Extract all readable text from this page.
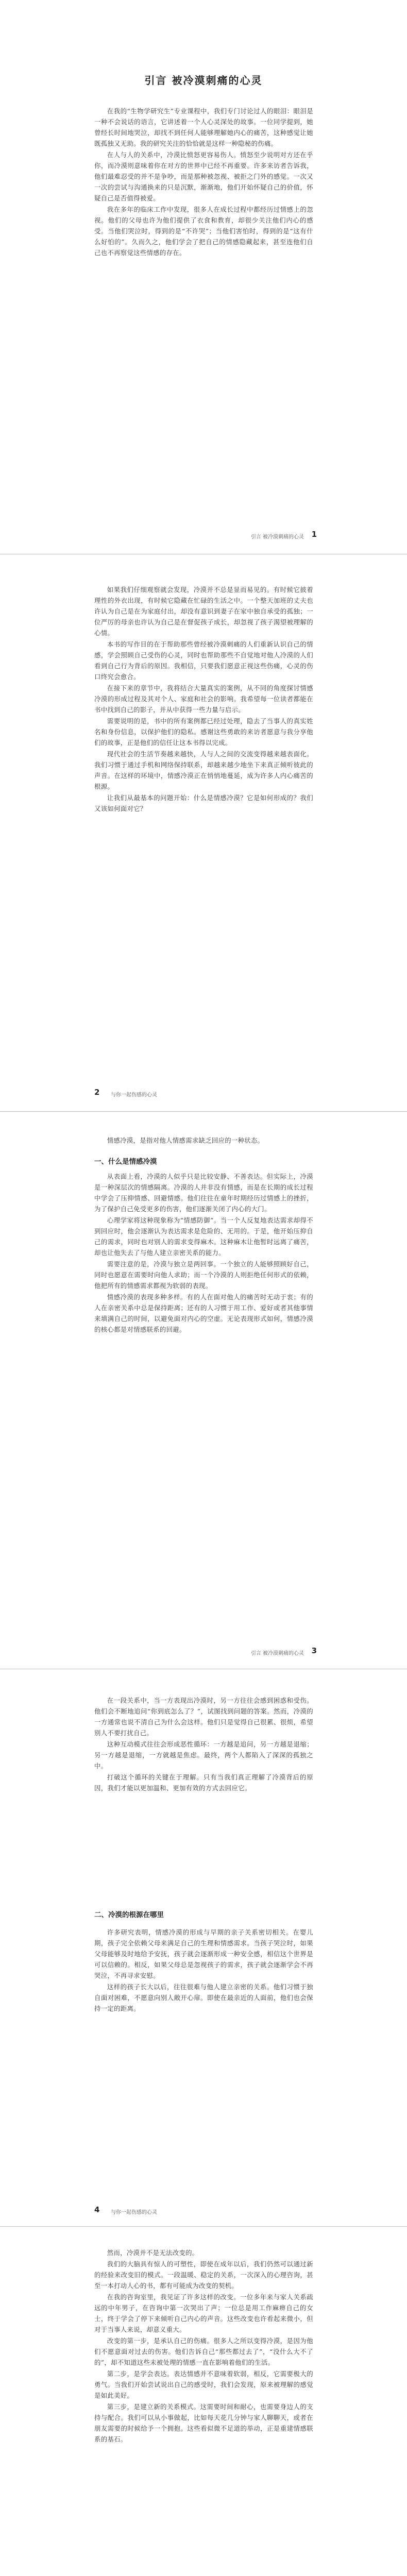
引言 被冷漠刺痛的心灵

在我的“生物学研究生”专业课程中，我们专门讨论过人的眼泪：眼泪是一种不会说话的语言，它讲述着一个人心灵深处的故事。一位同学提到，她曾经长时间地哭泣，却找不到任何人能够理解她内心的痛苦，这种感觉让她既孤独又无助。我的研究关注的恰恰就是这样一种隐秘的伤痛。

在人与人的关系中，冷漠比愤怒更容易伤人。愤怒至少说明对方还在乎你，而冷漠则意味着你在对方的世界中已经不再重要。许多来访者告诉我，他们最难忍受的并不是争吵，而是那种被忽视、被拒之门外的感觉。一次又一次的尝试与沟通换来的只是沉默，渐渐地，他们开始怀疑自己的价值，怀疑自己是否值得被爱。

我在多年的临床工作中发现，很多人在成长过程中都经历过情感上的忽视。他们的父母也许为他们提供了衣食和教育，却很少关注他们内心的感受。当他们哭泣时，得到的是“不许哭”；当他们害怕时，得到的是“这有什么好怕的”。久而久之，他们学会了把自己的情感隐藏起来，甚至连他们自己也不再察觉这些情感的存在。

引言 被冷漠刺痛的心灵 1

如果我们仔细观察就会发现，冷漠并不总是显而易见的。有时候它披着理性的外衣出现，有时候它隐藏在忙碌的生活之中。一个整天加班的丈夫也许认为自己是在为家庭付出，却没有意识到妻子在家中独自承受的孤独；一位严厉的母亲也许认为自己是在督促孩子成长，却忽视了孩子渴望被理解的心情。

本书的写作目的在于帮助那些曾经被冷漠刺痛的人们重新认识自己的情感，学会照顾自己受伤的心灵，同时也帮助那些不自觉地对他人冷漠的人们看到自己行为背后的原因。我相信，只要我们愿意正视这些伤痛，心灵的伤口终究会愈合。

在接下来的章节中，我将结合大量真实的案例，从不同的角度探讨情感冷漠的形成过程及其对个人、家庭和社会的影响。我希望每一位读者都能在书中找到自己的影子，并从中获得一些力量与启示。

需要说明的是，书中的所有案例都已经过处理，隐去了当事人的真实姓名和身份信息，以保护他们的隐私。感谢这些勇敢的来访者愿意与我分享他们的故事，正是他们的信任让这本书得以完成。

现代社会的生活节奏越来越快，人与人之间的交流变得越来越表面化。我们习惯于通过手机和网络保持联系，却越来越少地坐下来真正倾听彼此的声音。在这样的环境中，情感冷漠正在悄悄地蔓延，成为许多人内心痛苦的根源。

让我们从最基本的问题开始：什么是情感冷漠？它是如何形成的？我们又该如何面对它？

2 与你一起伤感的心灵

情感冷漠，是指对他人情感需求缺乏回应的一种状态。

一、什么是情感冷漠

从表面上看，冷漠的人似乎只是比较安静、不善表达。但实际上，冷漠是一种深层次的情感隔离。冷漠的人并非没有情感，而是在长期的成长过程中学会了压抑情感、回避情感。他们往往在童年时期经历过情感上的挫折，为了保护自己免受更多的伤害，他们逐渐关闭了内心的大门。

心理学家将这种现象称为“情感防御”。当一个人反复地表达需求却得不到回应时，他会逐渐认为表达需求是危险的、无用的。于是，他开始压抑自己的需求，同时也对别人的需求变得麻木。这种麻木让他暂时远离了痛苦，却也让他失去了与他人建立亲密关系的能力。

需要注意的是，冷漠与独立是两回事。一个独立的人能够照顾好自己，同时也愿意在需要时向他人求助；而一个冷漠的人则拒绝任何形式的依赖，他把所有的情感需求都视为软弱的表现。

情感冷漠的表现多种多样。有的人在面对他人的痛苦时无动于衷；有的人在亲密关系中总是保持距离；还有的人习惯于用工作、爱好或者其他事情来填满自己的时间，以避免面对内心的空虚。无论表现形式如何，情感冷漠的核心都是对情感联系的回避。

引言 被冷漠刺痛的心灵 3

在一段关系中，当一方表现出冷漠时，另一方往往会感到困惑和受伤。他们会不断地追问“你到底怎么了？”，试图找到问题的答案。然而，冷漠的一方通常也说不清自己为什么会这样。他们只是觉得自己很累、很烦，希望别人不要打扰自己。

这种互动模式往往会形成恶性循环：一方越是追问，另一方越是退缩；另一方越是退缩，一方就越是焦虑。最终，两个人都陷入了深深的孤独之中。

打破这个循环的关键在于理解。只有当我们真正理解了冷漠背后的原因，我们才能以更加温和、更加有效的方式去回应它。

二、冷漠的根源在哪里

许多研究表明，情感冷漠的形成与早期的亲子关系密切相关。在婴儿期，孩子完全依赖父母来满足自己的生理和情感需求。当孩子哭泣时，如果父母能够及时地给予安抚，孩子就会逐渐形成一种安全感，相信这个世界是可以信赖的。相反，如果父母总是忽视孩子的需求，孩子就会逐渐学会不再哭泣，不再寻求安慰。

这样的孩子长大以后，往往很难与他人建立亲密的关系。他们习惯于独自面对困难，不愿意向别人敞开心扉。即使在最亲近的人面前，他们也会保持一定的距离。

4 与你一起伤感的心灵

然而，冷漠并不是无法改变的。

我们的大脑具有惊人的可塑性，即使在成年以后，我们仍然可以通过新的经验来改变旧的模式。一段温暖、稳定的关系，一次深入的心理咨询，甚至一本打动人心的书，都有可能成为改变的契机。

在我的咨询室里，我见证了许多这样的改变。一位多年来与家人关系疏远的中年男子，在咨询中第一次哭出了声；一位总是用工作麻痹自己的女士，终于学会了停下来倾听自己内心的声音。这些改变也许看起来微小，但对于当事人来说，却意义重大。

改变的第一步，是承认自己的伤痛。很多人之所以变得冷漠，是因为他们不愿意面对过去的伤害。他们告诉自己“那些都过去了”，“没什么大不了的”，却不知道这些未被处理的情感一直在影响着他们的生活。

第二步，是学会表达。表达情感并不意味着软弱，相反，它需要极大的勇气。当我们开始尝试说出自己的感受时，我们会发现，原来被理解的感觉是如此美好。

第三步，是建立新的关系模式。这需要时间和耐心，也需要身边人的支持与配合。我们可以从小事做起，比如每天花几分钟与家人聊聊天，或者在朋友需要的时候给予一个拥抱。这些看似微不足道的举动，正是重建情感联系的基石。
